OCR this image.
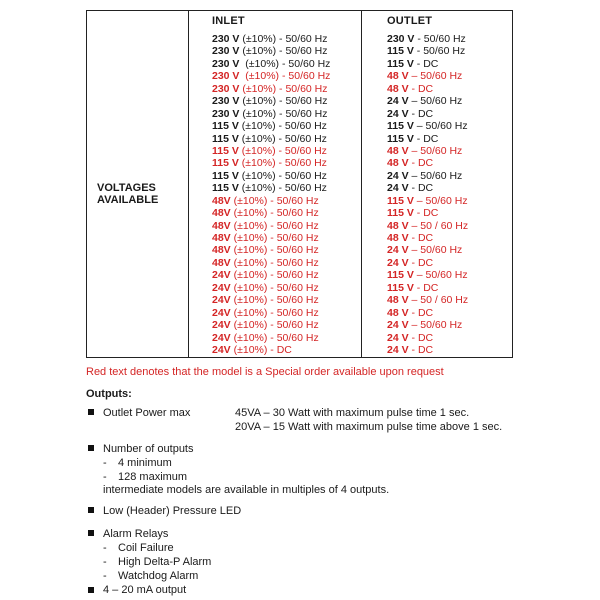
VOLTAGES
AVAILABLE
INLET	OUTLET
230 V (±10%) - 50/60 Hz
230 V (±10%) - 50/60 Hz
230 V  (±10%) - 50/60 Hz
230 V  (±10%) - 50/60 Hz
230 V (±10%) - 50/60 Hz
230 V (±10%) - 50/60 Hz
230 V (±10%) - 50/60 Hz
115 V (±10%) - 50/60 Hz
115 V (±10%) - 50/60 Hz
115 V (±10%) - 50/60 Hz
115 V (±10%) - 50/60 Hz
115 V (±10%) - 50/60 Hz
115 V (±10%) - 50/60 Hz
48V (±10%) - 50/60 Hz
48V (±10%) - 50/60 Hz
48V (±10%) - 50/60 Hz
48V (±10%) - 50/60 Hz
48V (±10%) - 50/60 Hz
48V (±10%) - 50/60 Hz
24V (±10%) - 50/60 Hz
24V (±10%) - 50/60 Hz
24V (±10%) - 50/60 Hz
24V (±10%) - 50/60 Hz
24V (±10%) - 50/60 Hz
24V (±10%) - 50/60 Hz
24V (±10%) - DC
230 V - 50/60 Hz
115 V - 50/60 Hz
115 V - DC
48 V – 50/60 Hz
48 V - DC
24 V – 50/60 Hz
24 V - DC
115 V – 50/60 Hz
115 V - DC
48 V – 50/60 Hz
48 V - DC
24 V – 50/60 Hz
24 V - DC
115 V – 50/60 Hz
115 V - DC
48 V – 50 / 60 Hz
48 V - DC
24 V – 50/60 Hz
24 V - DC
115 V – 50/60 Hz
115 V - DC
48 V – 50 / 60 Hz
48 V - DC
24 V – 50/60 Hz
24 V - DC
24 V - DC
Red text denotes that the model is a Special order available upon request
Outputs:
Outlet Power max	45VA – 30 Watt with maximum pulse time 1 sec.
20VA – 15 Watt with maximum pulse time above 1 sec.
Number of outputs
- 4 minimum
- 128 maximum
intermediate models are available in multiples of 4 outputs.
Low (Header) Pressure LED
Alarm Relays
- Coil Failure
- High Delta-P Alarm
- Watchdog Alarm
4 – 20 mA output
